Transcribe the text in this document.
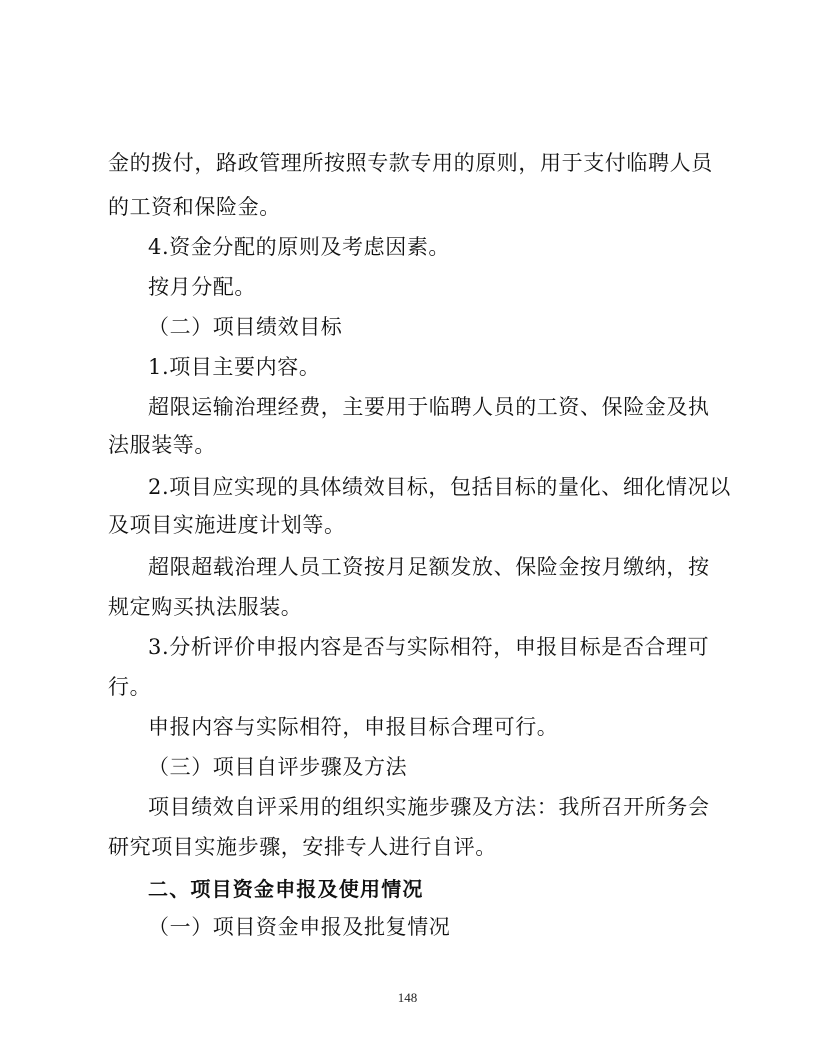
金的拨付，路政管理所按照专款专用的原则，用于支付临聘人员
的工资和保险金。
4.资金分配的原则及考虑因素。
按月分配。
（二）项目绩效目标
1.项目主要内容。
超限运输治理经费，主要用于临聘人员的工资、保险金及执
法服装等。
2.项目应实现的具体绩效目标，包括目标的量化、细化情况以
及项目实施进度计划等。
超限超载治理人员工资按月足额发放、保险金按月缴纳，按
规定购买执法服装。
3.分析评价申报内容是否与实际相符，申报目标是否合理可
行。
申报内容与实际相符，申报目标合理可行。
（三）项目自评步骤及方法
项目绩效自评采用的组织实施步骤及方法：我所召开所务会
研究项目实施步骤，安排专人进行自评。
二、项目资金申报及使用情况
（一）项目资金申报及批复情况
148
